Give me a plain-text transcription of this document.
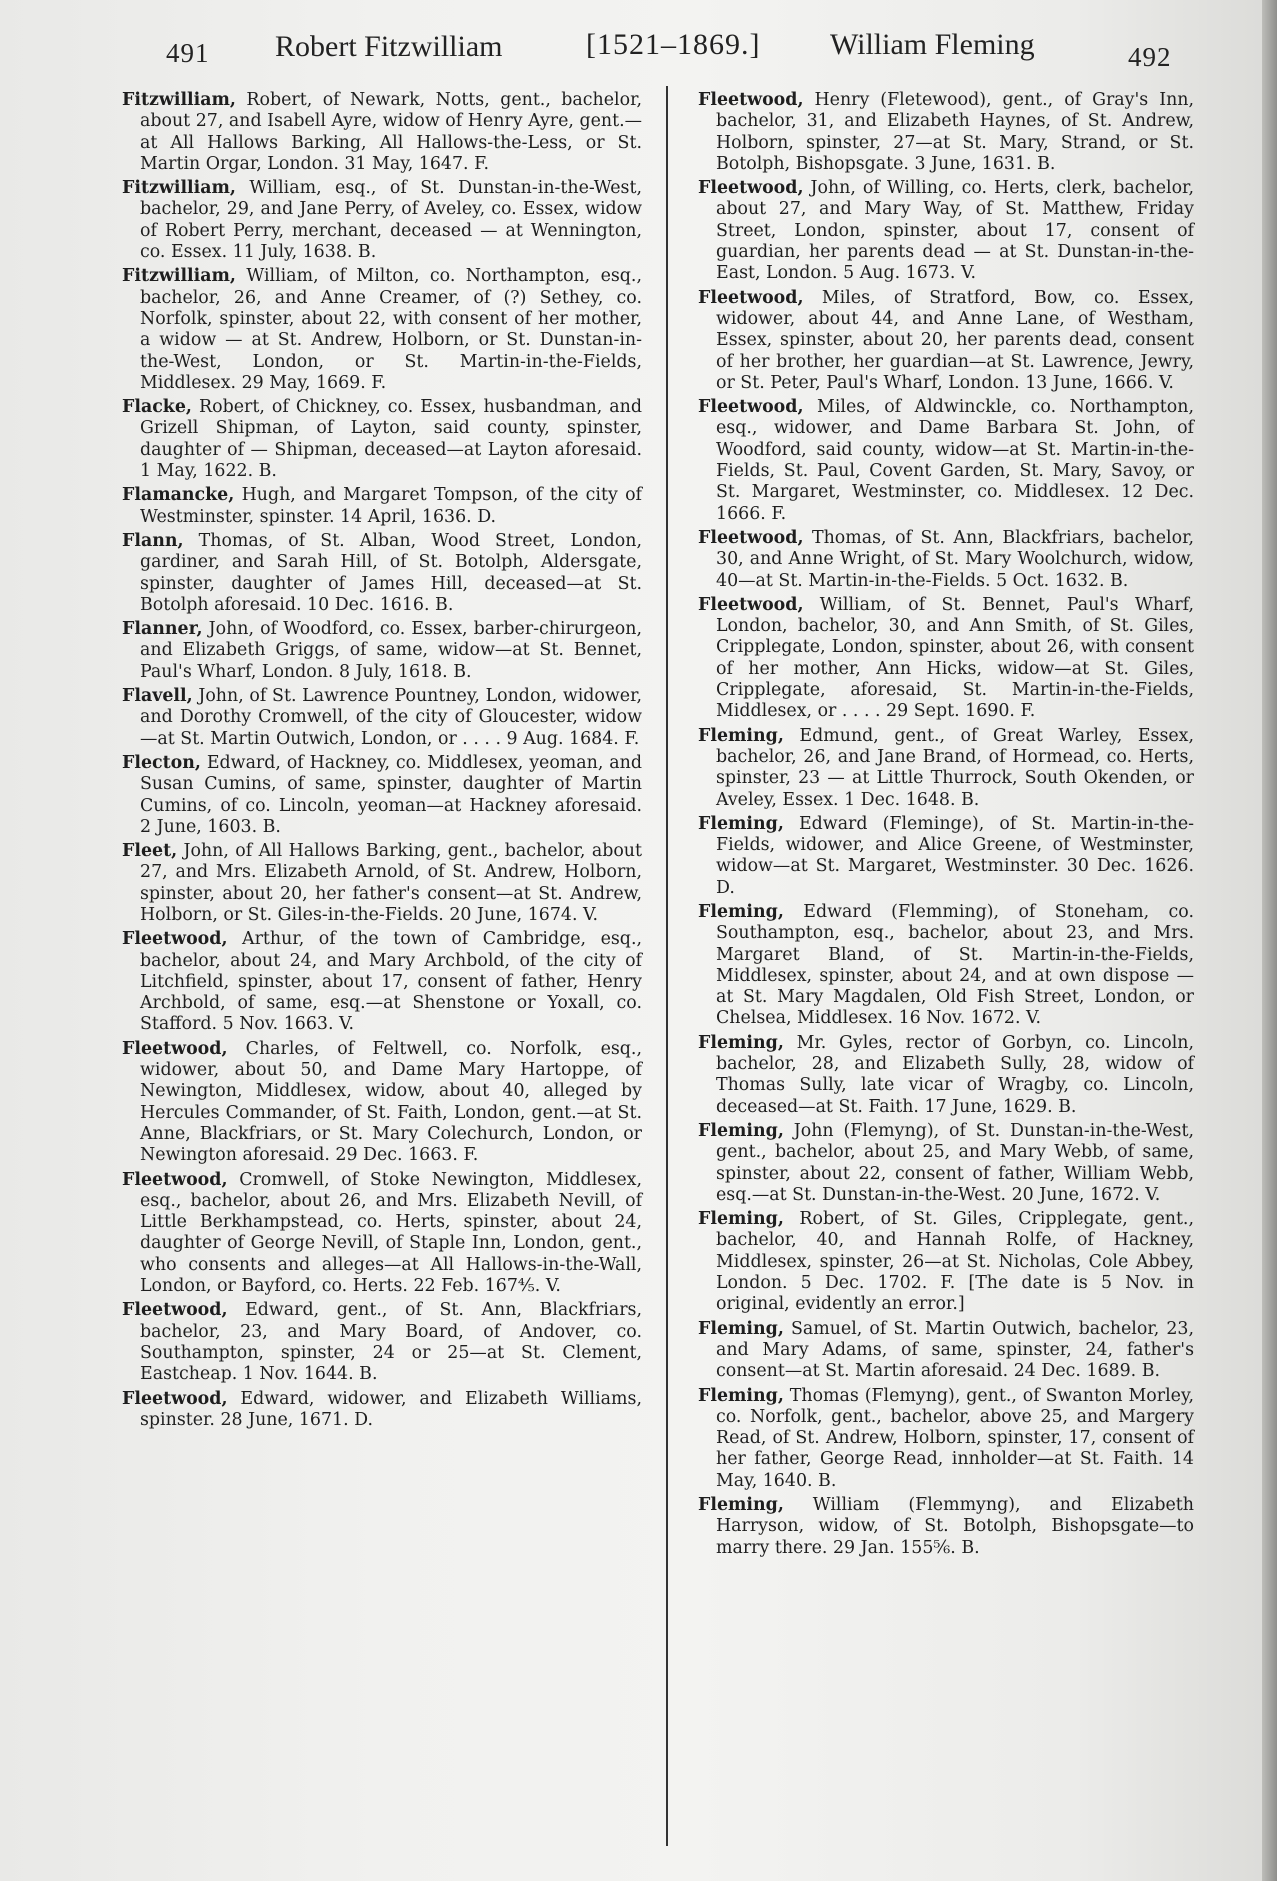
491 Robert Fitzwilliam	[1521–1869.] William Fleming	492

Fitzwilliam, Robert, of Newark, Notts, gent., bachelor, about 27, and Isabell Ayre, widow of Henry Ayre, gent.—at All Hallows Barking, All Hallows-the-Less, or St. Martin Orgar, London. 31 May, 1647. F.

Fitzwilliam, William, esq., of St. Dunstan-in-the-West, bachelor, 29, and Jane Perry, of Aveley, co. Essex, widow of Robert Perry, merchant, deceased — at Wennington, co. Essex. 11 July, 1638. B.

Fitzwilliam, William, of Milton, co. Northampton, esq., bachelor, 26, and Anne Creamer, of (?) Sethey, co. Norfolk, spinster, about 22, with consent of her mother, a widow — at St. Andrew, Holborn, or St. Dunstan-in-the-West, London, or St. Martin-in-the-Fields, Middlesex. 29 May, 1669. F.

Flacke, Robert, of Chickney, co. Essex, husbandman, and Grizell Shipman, of Layton, said county, spinster, daughter of — Shipman, deceased—at Layton aforesaid. 1 May, 1622. B.

Flamancke, Hugh, and Margaret Tompson, of the city of Westminster, spinster. 14 April, 1636. D.

Flann, Thomas, of St. Alban, Wood Street, London, gardiner, and Sarah Hill, of St. Botolph, Aldersgate, spinster, daughter of James Hill, deceased—at St. Botolph aforesaid. 10 Dec. 1616. B.

Flanner, John, of Woodford, co. Essex, barber-chirurgeon, and Elizabeth Griggs, of same, widow—at St. Bennet, Paul's Wharf, London. 8 July, 1618. B.

Flavell, John, of St. Lawrence Pountney, London, widower, and Dorothy Cromwell, of the city of Gloucester, widow—at St. Martin Outwich, London, or . . . . 9 Aug. 1684. F.

Flecton, Edward, of Hackney, co. Middlesex, yeoman, and Susan Cumins, of same, spinster, daughter of Martin Cumins, of co. Lincoln, yeoman—at Hackney aforesaid. 2 June, 1603. B.

Fleet, John, of All Hallows Barking, gent., bachelor, about 27, and Mrs. Elizabeth Arnold, of St. Andrew, Holborn, spinster, about 20, her father's consent—at St. Andrew, Holborn, or St. Giles-in-the-Fields. 20 June, 1674. V.

Fleetwood, Arthur, of the town of Cambridge, esq., bachelor, about 24, and Mary Archbold, of the city of Litchfield, spinster, about 17, consent of father, Henry Archbold, of same, esq.—at Shenstone or Yoxall, co. Stafford. 5 Nov. 1663. V.

Fleetwood, Charles, of Feltwell, co. Norfolk, esq., widower, about 50, and Dame Mary Hartoppe, of Newington, Middlesex, widow, about 40, alleged by Hercules Commander, of St. Faith, London, gent.—at St. Anne, Blackfriars, or St. Mary Colechurch, London, or Newington aforesaid. 29 Dec. 1663. F.

Fleetwood, Cromwell, of Stoke Newington, Middlesex, esq., bachelor, about 26, and Mrs. Elizabeth Nevill, of Little Berkhampstead, co. Herts, spinster, about 24, daughter of George Nevill, of Staple Inn, London, gent., who consents and alleges—at All Hallows-in-the-Wall, London, or Bayford, co. Herts. 22 Feb. 167⅘. V.

Fleetwood, Edward, gent., of St. Ann, Blackfriars, bachelor, 23, and Mary Board, of Andover, co. Southampton, spinster, 24 or 25—at St. Clement, Eastcheap. 1 Nov. 1644. B.

Fleetwood, Edward, widower, and Elizabeth Williams, spinster. 28 June, 1671. D.

Fleetwood, Henry (Fletewood), gent., of Gray's Inn, bachelor, 31, and Elizabeth Haynes, of St. Andrew, Holborn, spinster, 27—at St. Mary, Strand, or St. Botolph, Bishopsgate. 3 June, 1631. B.

Fleetwood, John, of Willing, co. Herts, clerk, bachelor, about 27, and Mary Way, of St. Matthew, Friday Street, London, spinster, about 17, consent of guardian, her parents dead — at St. Dunstan-in-the-East, London. 5 Aug. 1673. V.

Fleetwood, Miles, of Stratford, Bow, co. Essex, widower, about 44, and Anne Lane, of Westham, Essex, spinster, about 20, her parents dead, consent of her brother, her guardian—at St. Lawrence, Jewry, or St. Peter, Paul's Wharf, London. 13 June, 1666. V.

Fleetwood, Miles, of Aldwinckle, co. Northampton, esq., widower, and Dame Barbara St. John, of Woodford, said county, widow—at St. Martin-in-the-Fields, St. Paul, Covent Garden, St. Mary, Savoy, or St. Margaret, Westminster, co. Middlesex. 12 Dec. 1666. F.

Fleetwood, Thomas, of St. Ann, Blackfriars, bachelor, 30, and Anne Wright, of St. Mary Woolchurch, widow, 40—at St. Martin-in-the-Fields. 5 Oct. 1632. B.

Fleetwood, William, of St. Bennet, Paul's Wharf, London, bachelor, 30, and Ann Smith, of St. Giles, Cripplegate, London, spinster, about 26, with consent of her mother, Ann Hicks, widow—at St. Giles, Cripplegate, aforesaid, St. Martin-in-the-Fields, Middlesex, or . . . . 29 Sept. 1690. F.

Fleming, Edmund, gent., of Great Warley, Essex, bachelor, 26, and Jane Brand, of Hormead, co. Herts, spinster, 23 — at Little Thurrock, South Okenden, or Aveley, Essex. 1 Dec. 1648. B.

Fleming, Edward (Fleminge), of St. Martin-in-the-Fields, widower, and Alice Greene, of Westminster, widow—at St. Margaret, Westminster. 30 Dec. 1626. D.

Fleming, Edward (Flemming), of Stoneham, co. Southampton, esq., bachelor, about 23, and Mrs. Margaret Bland, of St. Martin-in-the-Fields, Middlesex, spinster, about 24, and at own dispose — at St. Mary Magdalen, Old Fish Street, London, or Chelsea, Middlesex. 16 Nov. 1672. V.

Fleming, Mr. Gyles, rector of Gorbyn, co. Lincoln, bachelor, 28, and Elizabeth Sully, 28, widow of Thomas Sully, late vicar of Wragby, co. Lincoln, deceased—at St. Faith. 17 June, 1629. B.

Fleming, John (Flemyng), of St. Dunstan-in-the-West, gent., bachelor, about 25, and Mary Webb, of same, spinster, about 22, consent of father, William Webb, esq.—at St. Dunstan-in-the-West. 20 June, 1672. V.

Fleming, Robert, of St. Giles, Cripplegate, gent., bachelor, 40, and Hannah Rolfe, of Hackney, Middlesex, spinster, 26—at St. Nicholas, Cole Abbey, London. 5 Dec. 1702. F. [The date is 5 Nov. in original, evidently an error.]

Fleming, Samuel, of St. Martin Outwich, bachelor, 23, and Mary Adams, of same, spinster, 24, father's consent—at St. Martin aforesaid. 24 Dec. 1689. B.

Fleming, Thomas (Flemyng), gent., of Swanton Morley, co. Norfolk, gent., bachelor, above 25, and Margery Read, of St. Andrew, Holborn, spinster, 17, consent of her father, George Read, innholder—at St. Faith. 14 May, 1640. B.

Fleming, William (Flemmyng), and Elizabeth Harryson, widow, of St. Botolph, Bishopsgate—to marry there. 29 Jan. 155⅚. B.
